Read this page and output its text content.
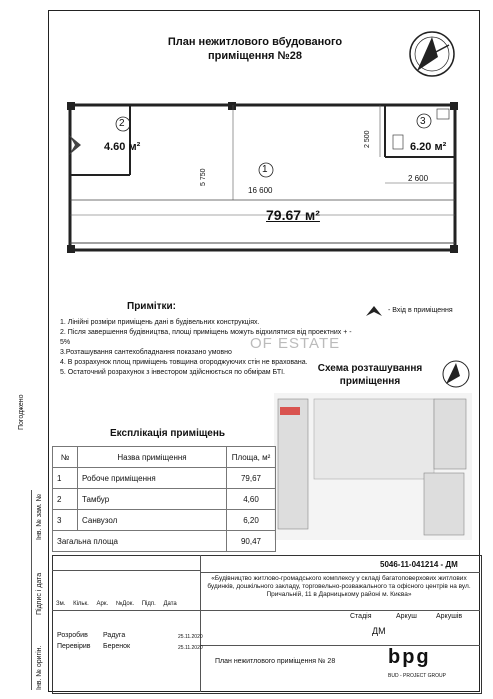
Погоджено
Інв. № зам. №
Підпис і дата
Інв. № оригін.
План нежитлового вбудованого
приміщення №28
2
4.60 м²
1
3
6.20 м²
79.67 м²
16 600
2 600
5 750
2 500
Примітки:
1. Лінійні розміри приміщень дані в будівельних конструкціях.
2. Після завершення будівництва, площі приміщень можуть відхилятися від проектних + - 5%
3.Розташування сантехобладнання показано умовно
4. В розрахунок площ приміщень товщина огороджуючих стін не врахована.
5. Остаточний розрахунок з інвестором здійснюється по обмірам БТІ.
- Вхід в приміщення
OF ESTATE
Схема розташування
приміщення
Експлікація приміщень
№	Назва приміщення	Площа, м²
1	Робоче приміщення	79,67
2	Тамбур	4,60
3	Санвузол	6,20
Загальна площа		90,47
5046-11-041214 - ДМ
«Будівництво житлово-громадського комплексу у складі багатоповерхових житлових будинків, дошкільного закладу, торговельно-розважального та офісного центрів на вул. Причальній, 11 в Дарницькому районі м. Києва»
Зм. Кільк. Арк. №Док. Підп. Дата
Стадія	Аркуш	Аркушів
ДМ
Розробив Радуга	25.11.2020
Перевірив Беренок	25.11.2020
План нежитлового приміщення № 28	bpg
BUD - PROJECT GROUP
